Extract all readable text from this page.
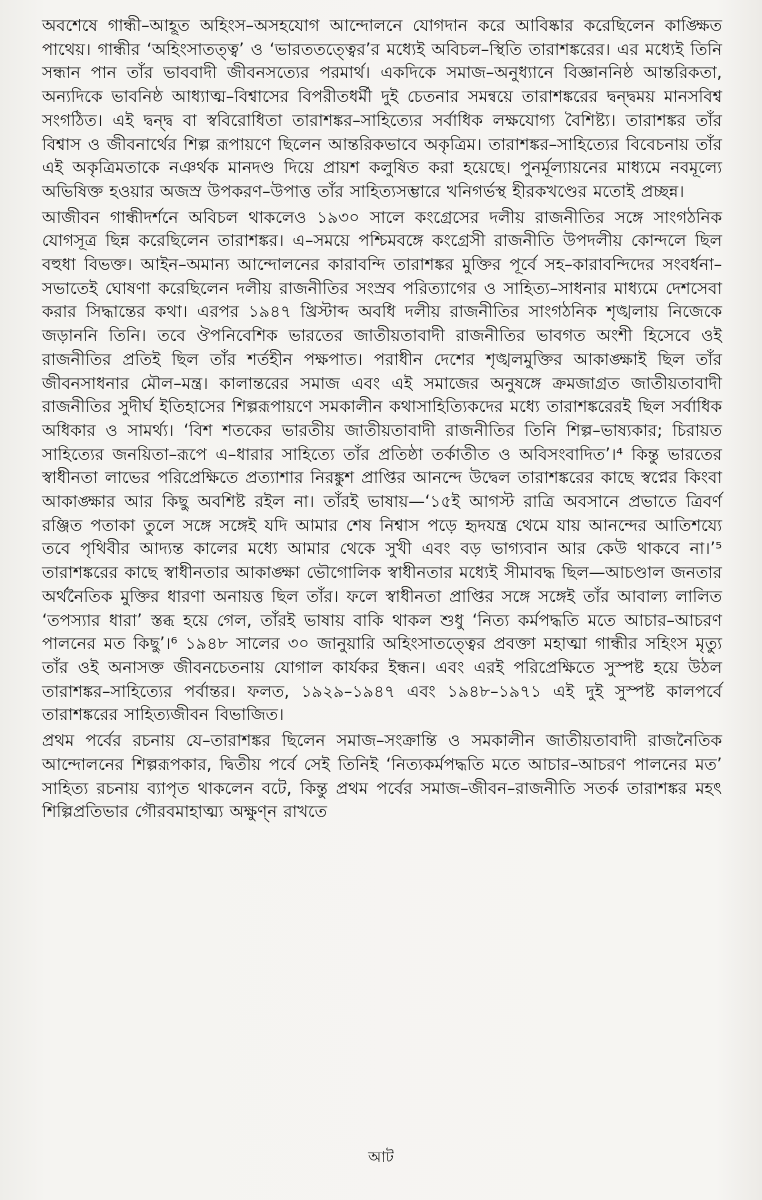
অবশেষে গান্ধী–আহূত অহিংস–অসহযোগ আন্দোলনে যোগদান করে আবিষ্কার করেছিলেন কাঙ্ক্ষিত পাথেয়। গান্ধীর ‘অহিংসাতত্ত্ব’ ও ‘ভারততত্ত্বের’র মধ্যেই অবিচল–স্থিতি তারাশঙ্করের। এর মধ্যেই তিনি সন্ধান পান তাঁর ভাববাদী জীবনসত্যের পরমার্থ। একদিকে সমাজ–অনুধ্যানে বিজ্ঞাননিষ্ঠ আন্তরিকতা, অন্যদিকে ভাবনিষ্ঠ আধ্যাত্ম–বিশ্বাসের বিপরীতধর্মী দুই চেতনার সমন্বয়ে তারাশঙ্করের দ্বন্দ্বময় মানসবিশ্ব সংগঠিত। এই দ্বন্দ্ব বা স্ববিরোধিতা তারাশঙ্কর–সাহিত্যের সর্বাধিক লক্ষযোগ্য বৈশিষ্ট্য। তারাশঙ্কর তাঁর বিশ্বাস ও জীবনার্থের শিল্প রূপায়ণে ছিলেন আন্তরিকভাবে অকৃত্রিম। তারাশঙ্কর–সাহিত্যের বিবেচনায় তাঁর এই অকৃত্রিমতাকে নঞর্থক মানদণ্ড দিয়ে প্রায়শ কলুষিত করা হয়েছে। পুনর্মূল্যায়নের মাধ্যমে নবমূল্যে অভিষিক্ত হওয়ার অজস্র উপকরণ–উপাত্ত তাঁর সাহিত্যসম্ভারে খনিগর্ভস্থ হীরকখণ্ডের মতোই প্রচ্ছন্ন।

আজীবন গান্ধীদর্শনে অবিচল থাকলেও ১৯৩০ সালে কংগ্রেসের দলীয় রাজনীতির সঙ্গে সাংগঠনিক যোগসূত্র ছিন্ন করেছিলেন তারাশঙ্কর। এ–সময়ে পশ্চিমবঙ্গে কংগ্রেসী রাজনীতি উপদলীয় কোন্দলে ছিল বহুধা বিভক্ত। আইন–অমান্য আন্দোলনের কারাবন্দি তারাশঙ্কর মুক্তির পূর্বে সহ–কারাবন্দিদের সংবর্ধনা–সভাতেই ঘোষণা করেছিলেন দলীয় রাজনীতির সংস্রব পরিত্যাগের ও সাহিত্য–সাধনার মাধ্যমে দেশসেবা করার সিদ্ধান্তের কথা। এরপর ১৯৪৭ খ্রিস্টাব্দ অবধি দলীয় রাজনীতির সাংগঠনিক শৃঙ্খলায় নিজেকে জড়াননি তিনি। তবে ঔপনিবেশিক ভারতের জাতীয়তাবাদী রাজনীতির ভাবগত অংশী হিসেবে ওই রাজনীতির প্রতিই ছিল তাঁর শর্তহীন পক্ষপাত। পরাধীন দেশের শৃঙ্খলমুক্তির আকাঙ্ক্ষাই ছিল তাঁর জীবনসাধনার মৌল–মন্ত্র। কালান্তরের সমাজ এবং এই সমাজের অনুষঙ্গে ক্রমজাগ্রত জাতীয়তাবাদী রাজনীতির সুদীর্ঘ ইতিহাসের শিল্পরূপায়ণে সমকালীন কথাসাহিত্যিকদের মধ্যে তারাশঙ্করেরই ছিল সর্বাধিক অধিকার ও সামর্থ্য। ‘বিশ শতকের ভারতীয় জাতীয়তাবাদী রাজনীতির তিনি শিল্প–ভাষ্যকার; চিরায়ত সাহিত্যের জনয়িতা–রূপে এ–ধারার সাহিত্যে তাঁর প্রতিষ্ঠা তর্কাতীত ও অবিসংবাদিত’।⁴ কিন্তু ভারতের স্বাধীনতা লাভের পরিপ্রেক্ষিতে প্রত্যাশার নিরঙ্কুশ প্রাপ্তির আনন্দে উদ্বেল তারাশঙ্করের কাছে স্বপ্নের কিংবা আকাঙ্ক্ষার আর কিছু অবশিষ্ট রইল না। তাঁরই ভাষায়—‘১৫ই আগস্ট রাত্রি অবসানে প্রভাতে ত্রিবর্ণ রঞ্জিত পতাকা তুলে সঙ্গে সঙ্গেই যদি আমার শেষ নিশ্বাস পড়ে হৃদযন্ত্র থেমে যায় আনন্দের আতিশয্যে তবে পৃথিবীর আদ্যন্ত কালের মধ্যে আমার থেকে সুখী এবং বড় ভাগ্যবান আর কেউ থাকবে না।’⁵ তারাশঙ্করের কাছে স্বাধীনতার আকাঙ্ক্ষা ভৌগোলিক স্বাধীনতার মধ্যেই সীমাবদ্ধ ছিল—আচণ্ডাল জনতার অর্থনৈতিক মুক্তির ধারণা অনায়ত্ত ছিল তাঁর। ফলে স্বাধীনতা প্রাপ্তির সঙ্গে সঙ্গেই তাঁর আবাল্য লালিত ‘তপস্যার ধারা’ স্তব্ধ হয়ে গেল, তাঁরই ভাষায় বাকি থাকল শুধু ‘নিত্য কর্মপদ্ধতি মতে আচার–আচরণ পালনের মত কিছু’।⁶ ১৯৪৮ সালের ৩০ জানুয়ারি অহিংসাতত্ত্বের প্রবক্তা মহাত্মা গান্ধীর সহিংস মৃত্যু তাঁর ওই অনাসক্ত জীবনচেতনায় যোগাল কার্যকর ইন্ধন। এবং এরই পরিপ্রেক্ষিতে সুস্পষ্ট হয়ে উঠল তারাশঙ্কর–সাহিত্যের পর্বান্তর। ফলত, ১৯২৯–১৯৪৭ এবং ১৯৪৮–১৯৭১ এই দুই সুস্পষ্ট কালপর্বে তারাশঙ্করের সাহিত্যজীবন বিভাজিত।

প্রথম পর্বের রচনায় যে–তারাশঙ্কর ছিলেন সমাজ–সংক্রান্তি ও সমকালীন জাতীয়তাবাদী রাজনৈতিক আন্দোলনের শিল্পরূপকার, দ্বিতীয় পর্বে সেই তিনিই ‘নিত্যকর্মপদ্ধতি মতে আচার–আচরণ পালনের মত’ সাহিত্য রচনায় ব্যাপৃত থাকলেন বটে, কিন্তু প্রথম পর্বের সমাজ–জীবন–রাজনীতি সতর্ক তারাশঙ্কর মহৎ শিল্পিপ্রতিভার গৌরবমাহাত্ম্য অক্ষুণ্ন রাখতে

আট
